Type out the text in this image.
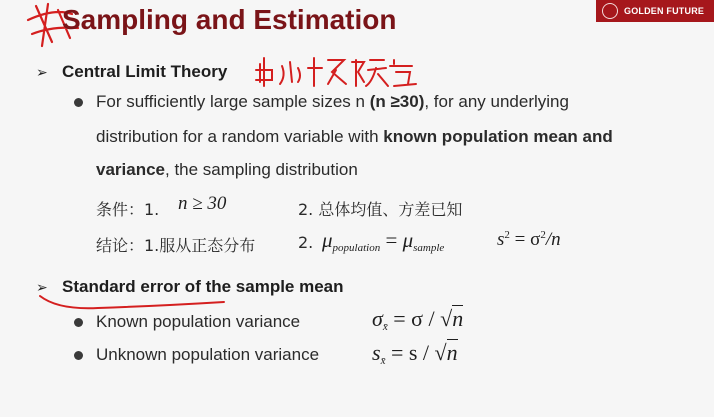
GOLDEN FUTURE
Sampling and Estimation
➢ Central Limit Theory
For sufficiently large sample sizes n (n ≥30), for any underlying
distribution for a random variable with known population mean and
variance, the sampling distribution
条件：1. n ≥ 30	2. 总体均值、方差已知
结论：1.服从正态分布	2. $\mu_{population} = \mu_{sample}$	$s^2 = \sigma^2/n$
➢ Standard error of the sample mean
Known population variance	$\sigma_{x̄} = \sigma / √n$
Unknown population variance $s_{x̄} = s / √n$
